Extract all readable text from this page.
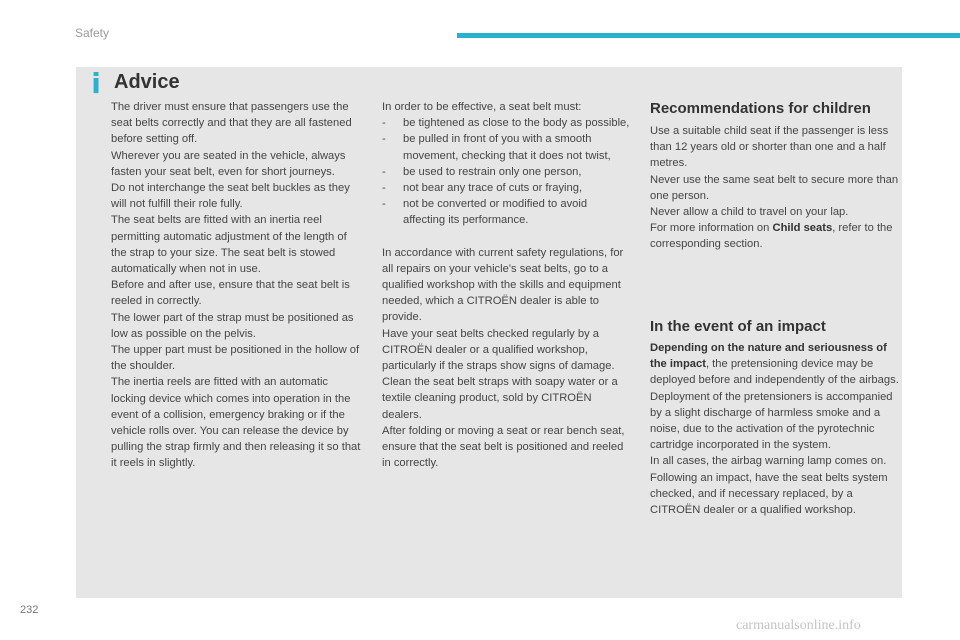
Safety
i Advice

The driver must ensure that passengers use the seat belts correctly and that they are all fastened before setting off.

Wherever you are seated in the vehicle, always fasten your seat belt, even for short journeys.

Do not interchange the seat belt buckles as they will not fulfill their role fully.

The seat belts are fitted with an inertia reel permitting automatic adjustment of the length of the strap to your size. The seat belt is stowed automatically when not in use.

Before and after use, ensure that the seat belt is reeled in correctly.

The lower part of the strap must be positioned as low as possible on the pelvis.

The upper part must be positioned in the hollow of the shoulder.

The inertia reels are fitted with an automatic locking device which comes into operation in the event of a collision, emergency braking or if the vehicle rolls over. You can release the device by pulling the strap firmly and then releasing it so that it reels in slightly.

In order to be effective, a seat belt must:

- be tightened as close to the body as possible,
- be pulled in front of you with a smooth movement, checking that it does not twist,
- be used to restrain only one person,
- not bear any trace of cuts or fraying,
- not be converted or modified to avoid affecting its performance.

In accordance with current safety regulations, for all repairs on your vehicle's seat belts, go to a qualified workshop with the skills and equipment needed, which a CITROËN dealer is able to provide.

Have your seat belts checked regularly by a CITROËN dealer or a qualified workshop, particularly if the straps show signs of damage.

Clean the seat belt straps with soapy water or a textile cleaning product, sold by CITROËN dealers.

After folding or moving a seat or rear bench seat, ensure that the seat belt is positioned and reeled in correctly.

Recommendations for children

Use a suitable child seat if the passenger is less than 12 years old or shorter than one and a half metres.

Never use the same seat belt to secure more than one person.

Never allow a child to travel on your lap.

For more information on Child seats, refer to the corresponding section.

In the event of an impact

Depending on the nature and seriousness of the impact, the pretensioning device may be deployed before and independently of the airbags.

Deployment of the pretensioners is accompanied by a slight discharge of harmless smoke and a noise, due to the activation of the pyrotechnic cartridge incorporated in the system.

In all cases, the airbag warning lamp comes on.

Following an impact, have the seat belts system checked, and if necessary replaced, by a CITROËN dealer or a qualified workshop.

232
carmanualsonline.info
